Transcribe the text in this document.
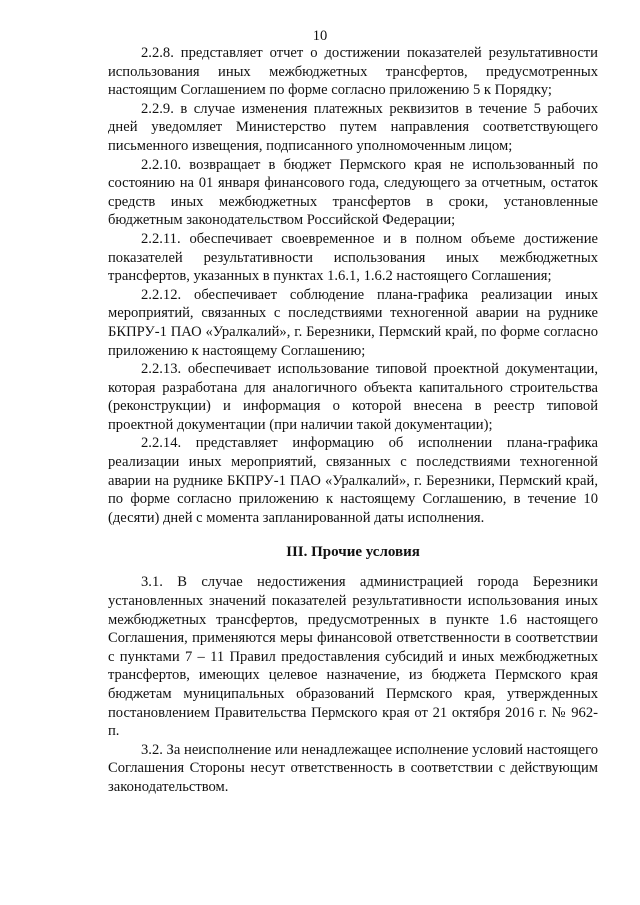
10

2.2.8. представляет отчет о достижении показателей результативности использования иных межбюджетных трансфертов, предусмотренных настоящим Соглашением по форме согласно приложению 5 к Порядку;

2.2.9. в случае изменения платежных реквизитов в течение 5 рабочих дней уведомляет Министерство путем направления соответствующего письменного извещения, подписанного уполномоченным лицом;

2.2.10. возвращает в бюджет Пермского края не использованный по состоянию на 01 января финансового года, следующего за отчетным, остаток средств иных межбюджетных трансфертов в сроки, установленные бюджетным законодательством Российской Федерации;

2.2.11. обеспечивает своевременное и в полном объеме достижение показателей результативности использования иных межбюджетных трансфертов, указанных в пунктах 1.6.1, 1.6.2 настоящего Соглашения;

2.2.12. обеспечивает соблюдение плана-графика реализации иных мероприятий, связанных с последствиями техногенной аварии на руднике БКПРУ-1 ПАО «Уралкалий», г. Березники, Пермский край, по форме согласно приложению к настоящему Соглашению;

2.2.13. обеспечивает использование типовой проектной документации, которая разработана для аналогичного объекта капитального строительства (реконструкции) и информация о которой внесена в реестр типовой проектной документации (при наличии такой документации);

2.2.14. представляет информацию об исполнении плана-графика реализации иных мероприятий, связанных с последствиями техногенной аварии на руднике БКПРУ-1 ПАО «Уралкалий», г. Березники, Пермский край, по форме согласно приложению к настоящему Соглашению, в течение 10 (десяти) дней с момента запланированной даты исполнения.

III. Прочие условия

3.1. В случае недостижения администрацией города Березники установленных значений показателей результативности использования иных межбюджетных трансфертов, предусмотренных в пункте 1.6 настоящего Соглашения, применяются меры финансовой ответственности в соответствии с пунктами 7 – 11 Правил предоставления субсидий и иных межбюджетных трансфертов, имеющих целевое назначение, из бюджета Пермского края бюджетам муниципальных образований Пермского края, утвержденных постановлением Правительства Пермского края от 21 октября 2016 г. № 962-п.

3.2. За неисполнение или ненадлежащее исполнение условий настоящего Соглашения Стороны несут ответственность в соответствии с действующим законодательством.
